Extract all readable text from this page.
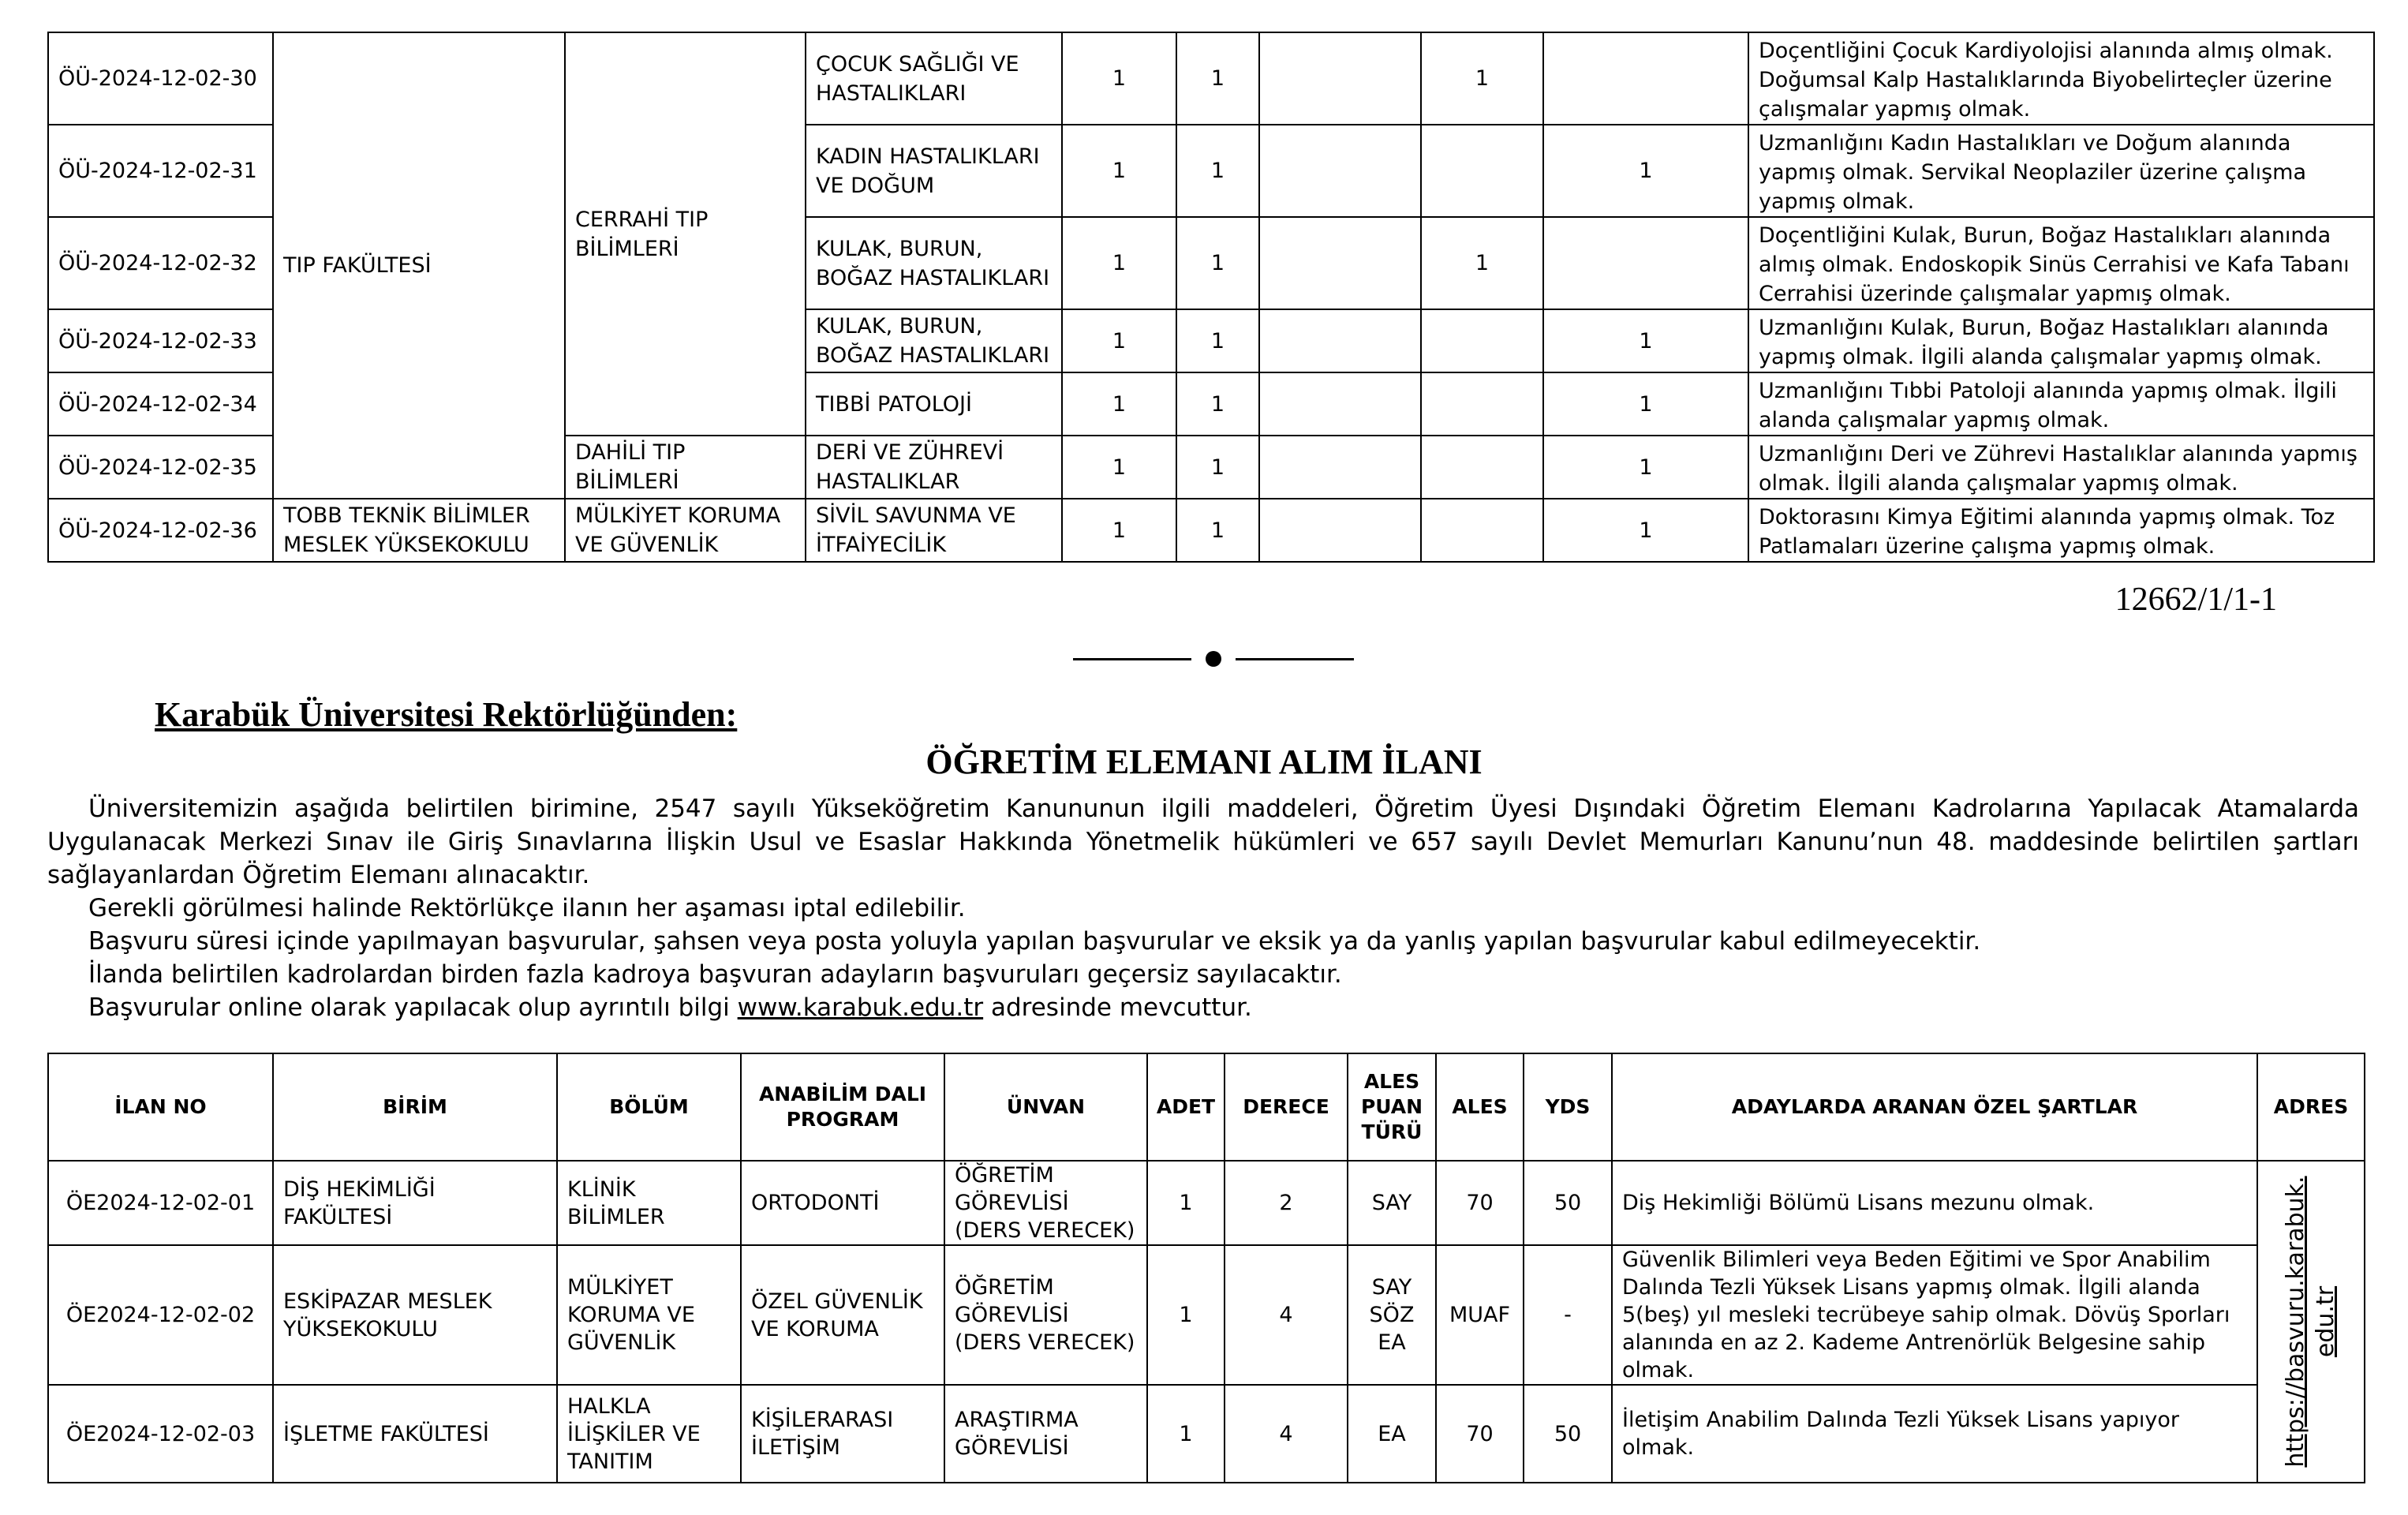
ÖÜ-2024-12-02-30	TIP FAKÜLTESİ	CERRAHİ TIP BİLİMLERİ	ÇOCUK SAĞLIĞI VE HASTALIKLARI	1	1		1		Doçentliğini Çocuk Kardiyolojisi alanında almış olmak. Doğumsal Kalp Hastalıklarında Biyobelirteçler üzerine çalışmalar yapmış olmak.
ÖÜ-2024-12-02-31			KADIN HASTALIKLARI VE DOĞUM	1	1			1	Uzmanlığını Kadın Hastalıkları ve Doğum alanında yapmış olmak. Servikal Neoplaziler üzerine çalışma yapmış olmak.
ÖÜ-2024-12-02-32			KULAK, BURUN, BOĞAZ HASTALIKLARI	1	1		1		Doçentliğini Kulak, Burun, Boğaz Hastalıkları alanında almış olmak. Endoskopik Sinüs Cerrahisi ve Kafa Tabanı Cerrahisi üzerinde çalışmalar yapmış olmak.
ÖÜ-2024-12-02-33			KULAK, BURUN, BOĞAZ HASTALIKLARI	1	1			1	Uzmanlığını Kulak, Burun, Boğaz Hastalıkları alanında yapmış olmak. İlgili alanda çalışmalar yapmış olmak.
ÖÜ-2024-12-02-34			TIBBİ PATOLOJİ	1	1			1	Uzmanlığını Tıbbi Patoloji alanında yapmış olmak. İlgili alanda çalışmalar yapmış olmak.
ÖÜ-2024-12-02-35		DAHİLİ TIP BİLİMLERİ	DERİ VE ZÜHREVİ HASTALIKLAR	1	1			1	Uzmanlığını Deri ve Zührevi Hastalıklar alanında yapmış olmak. İlgili alanda çalışmalar yapmış olmak.
ÖÜ-2024-12-02-36	TOBB TEKNİK BİLİMLER MESLEK YÜKSEKOKULU	MÜLKİYET KORUMA VE GÜVENLİK	SİVİL SAVUNMA VE İTFAİYECİLİK	1	1			1	Doktorasını Kimya Eğitimi alanında yapmış olmak. Toz Patlamaları üzerine çalışma yapmış olmak.
12662/1/1-1
Karabük Üniversitesi Rektörlüğünden:
ÖĞRETİM ELEMANI ALIM İLANI

Üniversitemizin aşağıda belirtilen birimine, 2547 sayılı Yükseköğretim Kanununun ilgili maddeleri, Öğretim Üyesi Dışındaki Öğretim Elemanı Kadrolarına Yapılacak Atamalarda Uygulanacak Merkezi Sınav ile Giriş Sınavlarına İlişkin Usul ve Esaslar Hakkında Yönetmelik hükümleri ve 657 sayılı Devlet Memurları Kanunu’nun 48. maddesinde belirtilen şartları sağlayanlardan Öğretim Elemanı alınacaktır.

Gerekli görülmesi halinde Rektörlükçe ilanın her aşaması iptal edilebilir.

Başvuru süresi içinde yapılmayan başvurular, şahsen veya posta yoluyla yapılan başvurular ve eksik ya da yanlış yapılan başvurular kabul edilmeyecektir.

İlanda belirtilen kadrolardan birden fazla kadroya başvuran adayların başvuruları geçersiz sayılacaktır.

Başvurular online olarak yapılacak olup ayrıntılı bilgi www.karabuk.edu.tr adresinde mevcuttur.

İLAN NO	BİRİM	BÖLÜM	ANABİLİM DALI PROGRAM	ÜNVAN	ADET	DERECE	ALES PUAN TÜRÜ	ALES	YDS	ADAYLARDA ARANAN ÖZEL ŞARTLAR	ADRES
ÖE2024-12-02-01	DİŞ HEKİMLİĞİ FAKÜLTESİ	KLİNİK BİLİMLER	ORTODONTİ	ÖĞRETİM GÖREVLİSİ (DERS VERECEK)	1	2	SAY	70	50	Diş Hekimliği Bölümü Lisans mezunu olmak.	https://basvuru.karabuk. edu.tr

ÖE2024-12-02-02	ESKİPAZAR MESLEK YÜKSEKOKULU	MÜLKİYET KORUMA VE GÜVENLİK	ÖZEL GÜVENLİK VE KORUMA	ÖĞRETİM GÖREVLİSİ (DERS VERECEK)	1	4	SAY SÖZ EA	MUAF	-	Güvenlik Bilimleri veya Beden Eğitimi ve Spor Anabilim Dalında Tezli Yüksek Lisans yapmış olmak. İlgili alanda 5(beş) yıl mesleki tecrübeye sahip olmak. Dövüş Sporları alanında en az 2. Kademe Antrenörlük Belgesine sahip olmak.	
ÖE2024-12-02-03	İŞLETME FAKÜLTESİ	HALKLA İLİŞKİLER VE TANITIM	KİŞİLERARASI İLETİŞİM	ARAŞTIRMA GÖREVLİSİ	1	4	EA	70	50	İletişim Anabilim Dalında Tezli Yüksek Lisans yapıyor olmak.	
